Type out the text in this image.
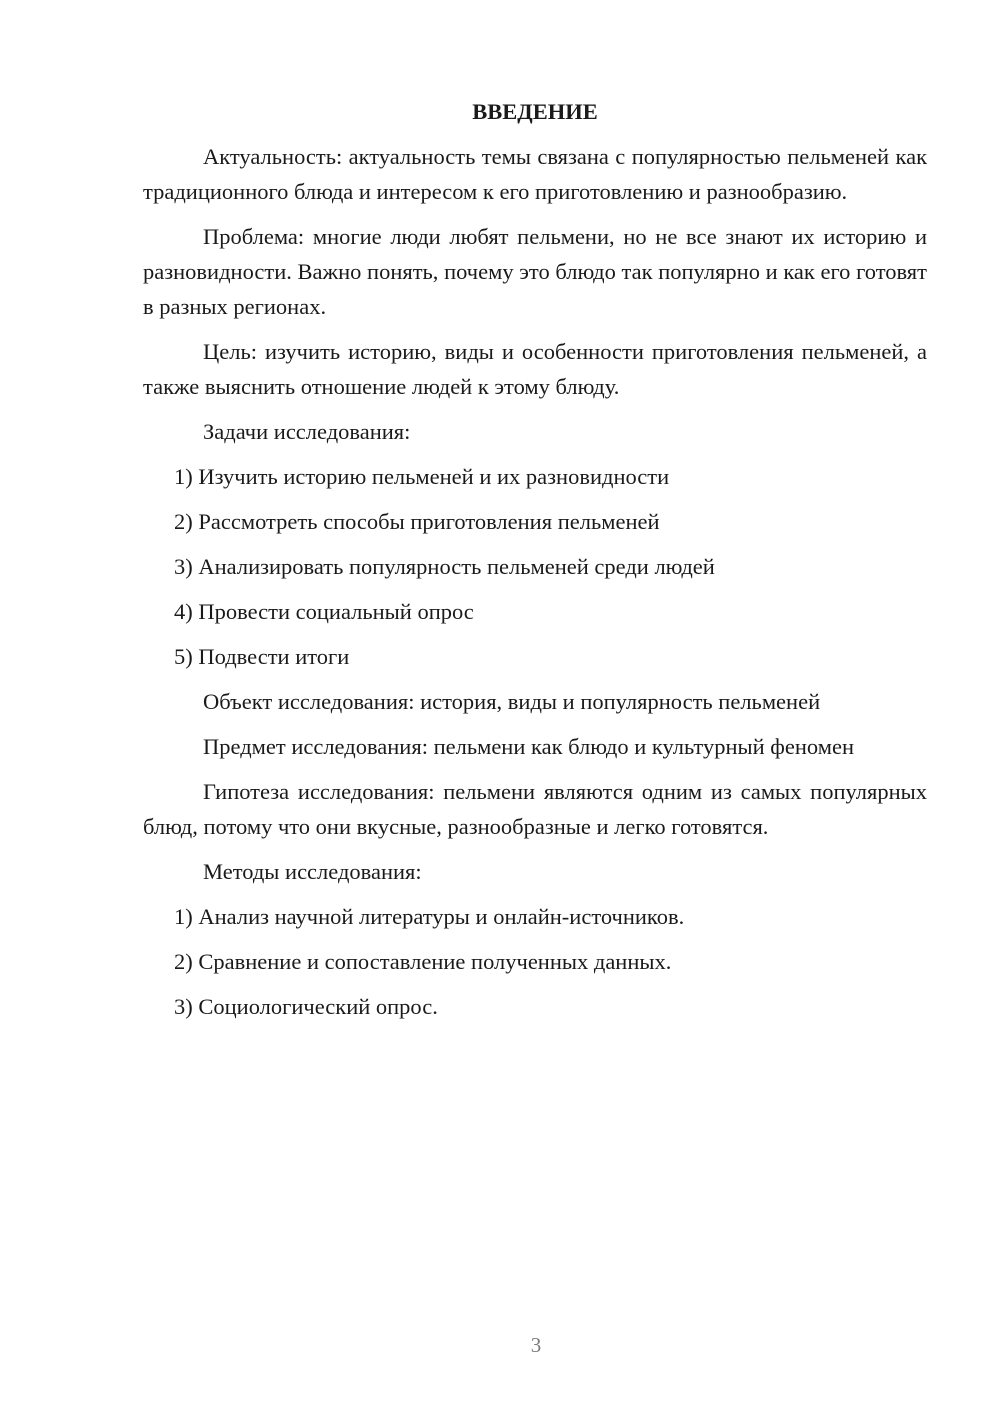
ВВЕДЕНИЕ

Актуальность: актуальность темы связана с популярностью пельменей как традиционного блюда и интересом к его приготовлению и разнообразию.

Проблема: многие люди любят пельмени, но не все знают их историю и разновидности. Важно понять, почему это блюдо так популярно и как его готовят в разных регионах.

Цель: изучить историю, виды и особенности приготовления пельменей, а также выяснить отношение людей к этому блюду.

Задачи исследования:
1) Изучить историю пельменей и их разновидности
2) Рассмотреть способы приготовления пельменей
3) Анализировать популярность пельменей среди людей
4) Провести социальный опрос
5) Подвести итоги
Объект исследования: история, виды и популярность пельменей
Предмет исследования: пельмени как блюдо и культурный феномен

Гипотеза исследования: пельмени являются одним из самых популярных блюд, потому что они вкусные, разнообразные и легко готовятся.

Методы исследования:
1) Анализ научной литературы и онлайн-источников.
2) Сравнение и сопоставление полученных данных.
3) Социологический опрос.
3
